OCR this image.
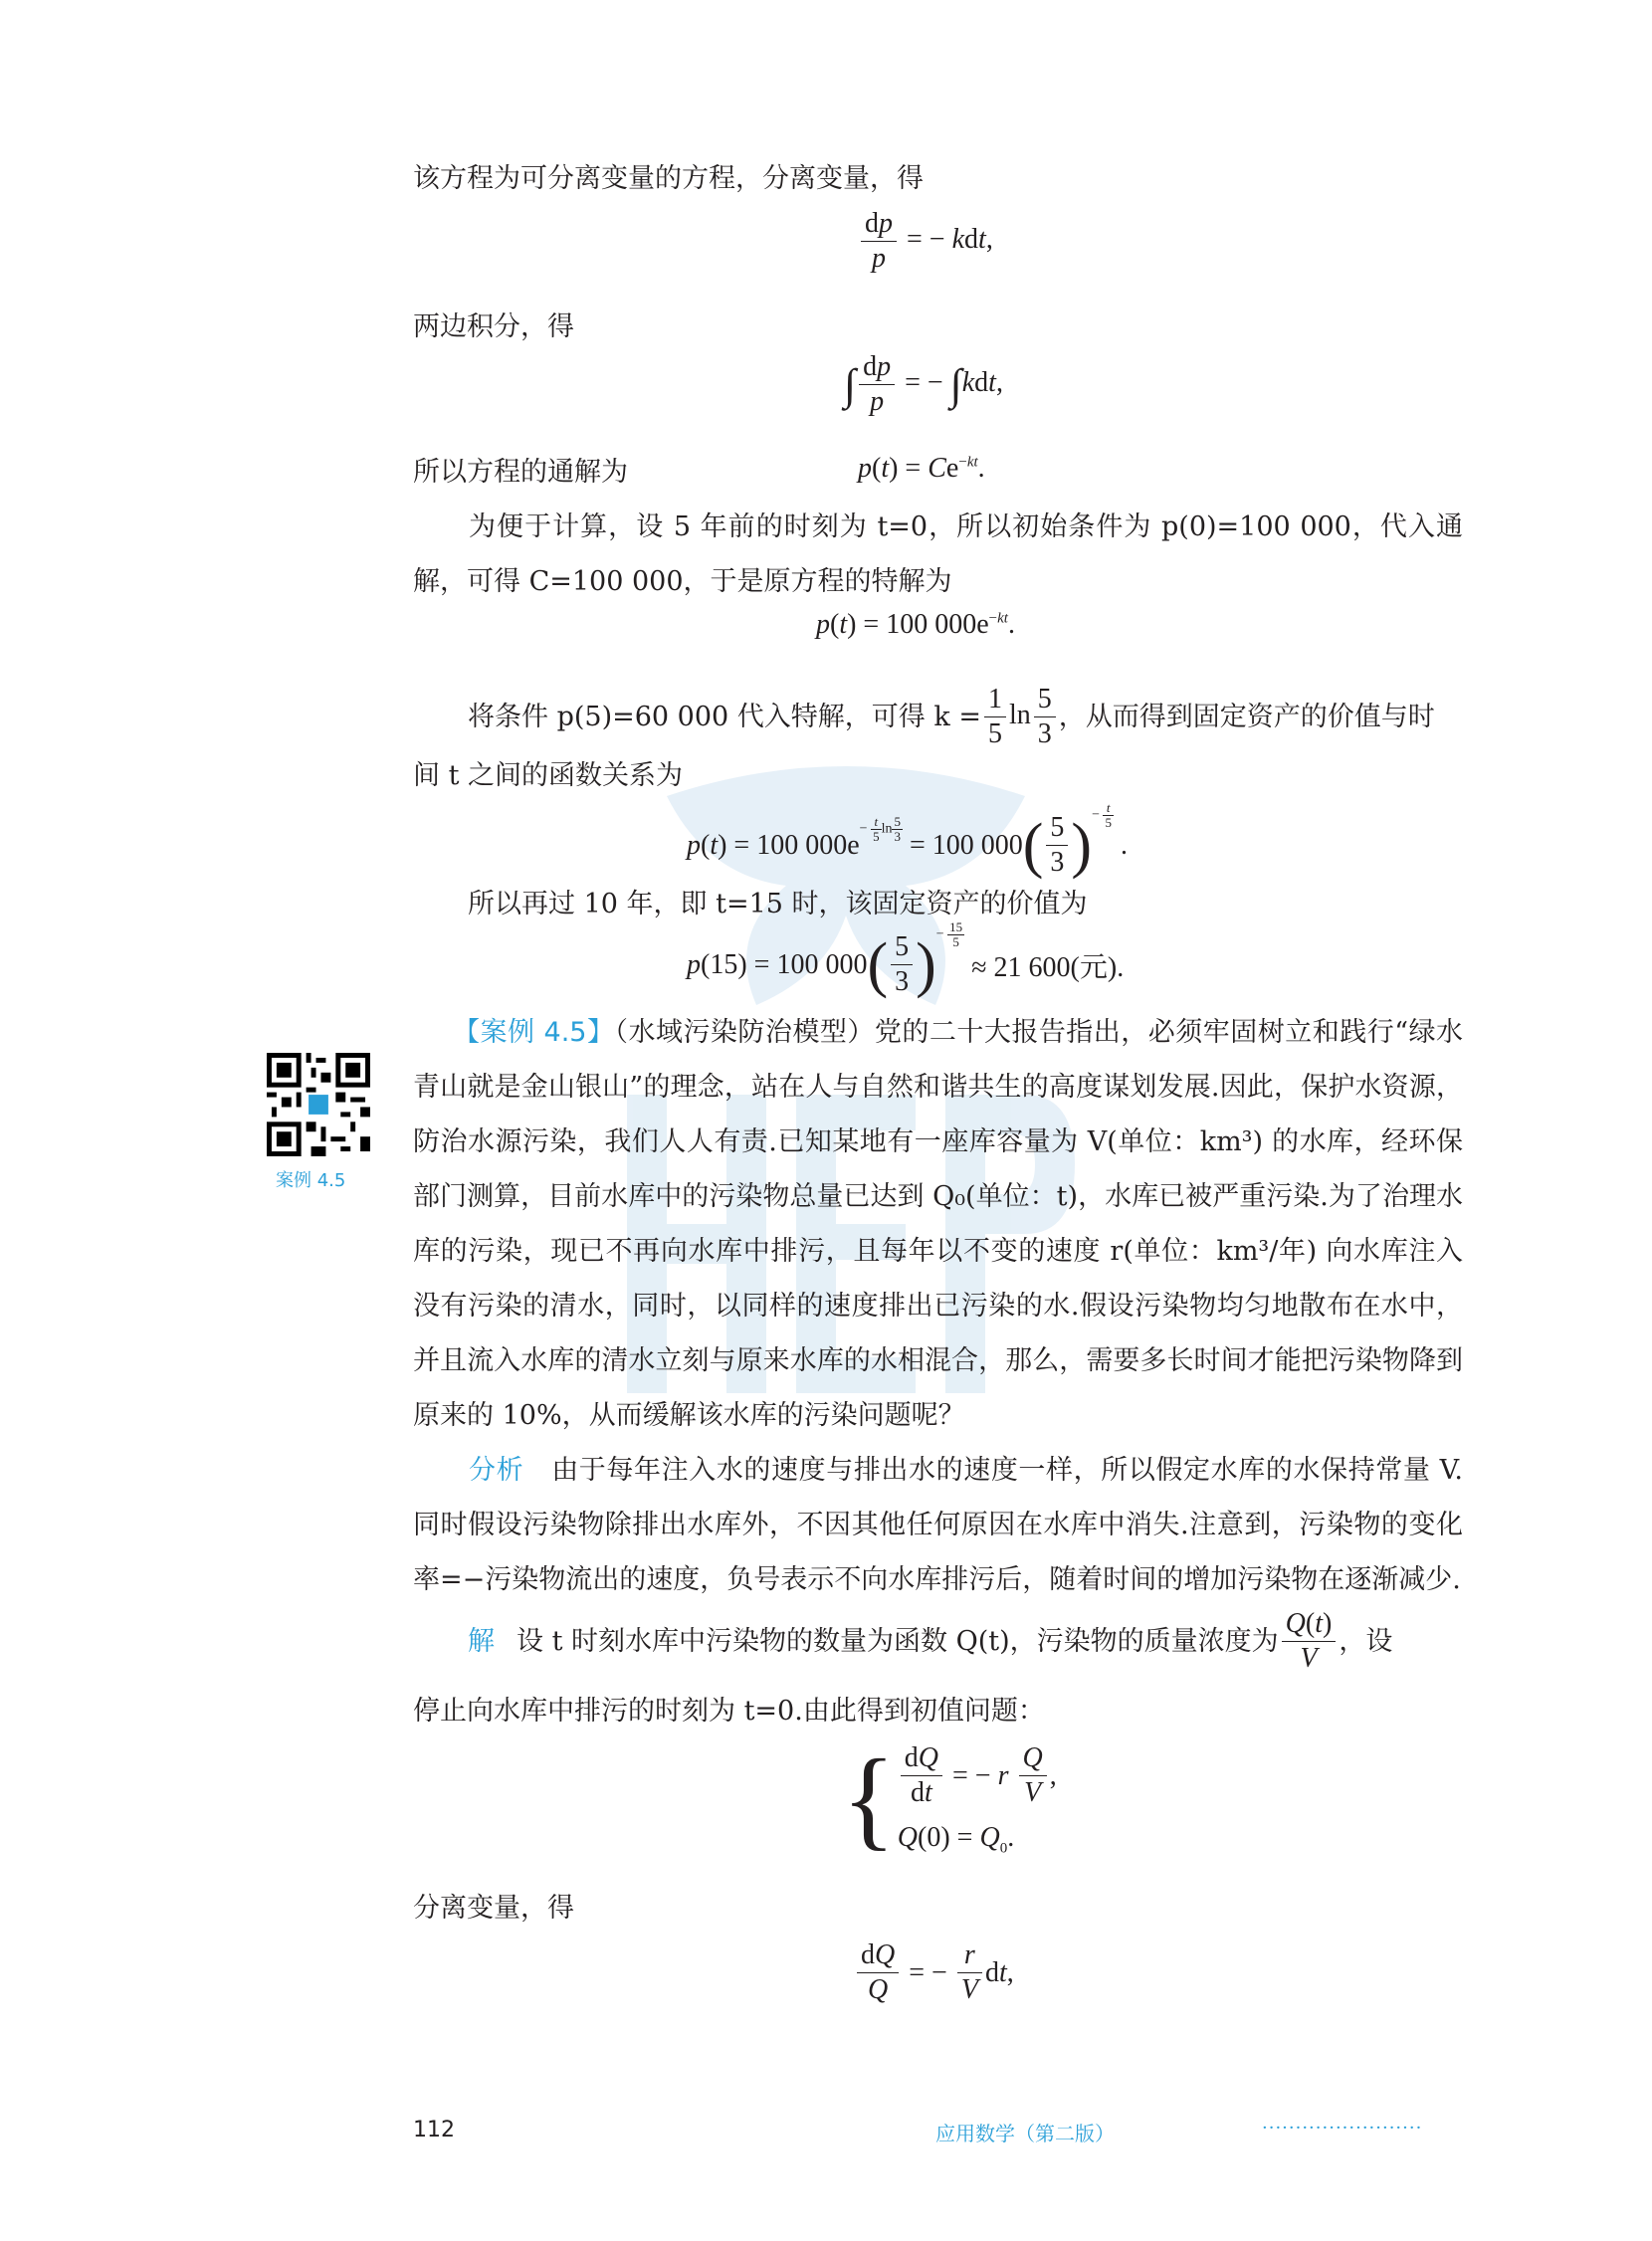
该方程为可分离变量的方程，分离变量，得
$\frac{dp}{p}$ = − kdt,
两边积分，得
∫ $\frac{dp}{p}$ = − ∫kdt,
所以方程的通解为	$p(t) = Ce^{-kt}$.
为便于计算，设 5 年前的时刻为 t=0，所以初始条件为 p(0)=100 000，代入通解，可得 C=100 000，于是原方程的特解为
p(t) = 100 $000e^{-kt}$.
将条件 p(5)=60 000 代入特解，可得 $k = \frac{1}{5}$ $\ln \frac{5}{3}$ ，从而得到固定资产的价值与时
间 t 之间的函数关系为
p(t) = 100 000e
− $\frac{t}{5}$ $\ln \frac{5}{3} = 100$ 000 ( $\frac{5}{3}$ ) − $\frac{t}{5}$
.
所以再过 10 年，即 t=15 时，该固定资产的价值为
p(15) = 100 000 ( $\frac{5}{3}$ ) − $\frac{15}{5}$
≈ 21 600(元).
【案例 4.5】（水域污染防治模型）党的二十大报告指出，必须牢固树立和践行“绿水青山就是金山银山”的理念，站在人与自然和谐共生的高度谋划发展.因此，保护水资源，防治水源污染，我们人人有责.已知某地有一座库容量为 V(单位：km³) 的水库，经环保部门测算，目前水库中的污染物总量已达到 Q₀(单位：t)，水库已被严重污染.为了治理水库的污染，现已不再向水库中排污，且每年以不变的速度 r(单位：km³/年) 向水库注入没有污染的清水，同时，以同样的速度排出已污染的水.假设污染物均匀地散布在水中，并且流入水库的清水立刻与原来水库的水相混合，那么，需要多长时间才能把污染物降到原来的 10%，从而缓解该水库的污染问题呢？
案例 4.5
分析 由于每年注入水的速度与排出水的速度一样，所以假定水库的水保持常量 V.同时假设污染物除排出水库外，不因其他任何原因在水库中消失.注意到，污染物的变化率=−污染物流出的速度，负号表示不向水库排污后，随着时间的增加污染物在逐渐减少.
解 设 t 时刻水库中污染物的数量为函数 Q(t)，污染物的质量浓度为 $\frac{Q(t)}{V}$ ，设
停止向水库中排污的时刻为 t=0.由此得到初值问题：
{ $\frac{dQ}{dt}$ = − r $\frac{Q}{V}$ ,
$Q(0) = Q_0$.
分离变量，得
$\frac{dQ}{Q}$ = − $\frac{r}{V}$ dt,
112	应用数学（第二版）	························
